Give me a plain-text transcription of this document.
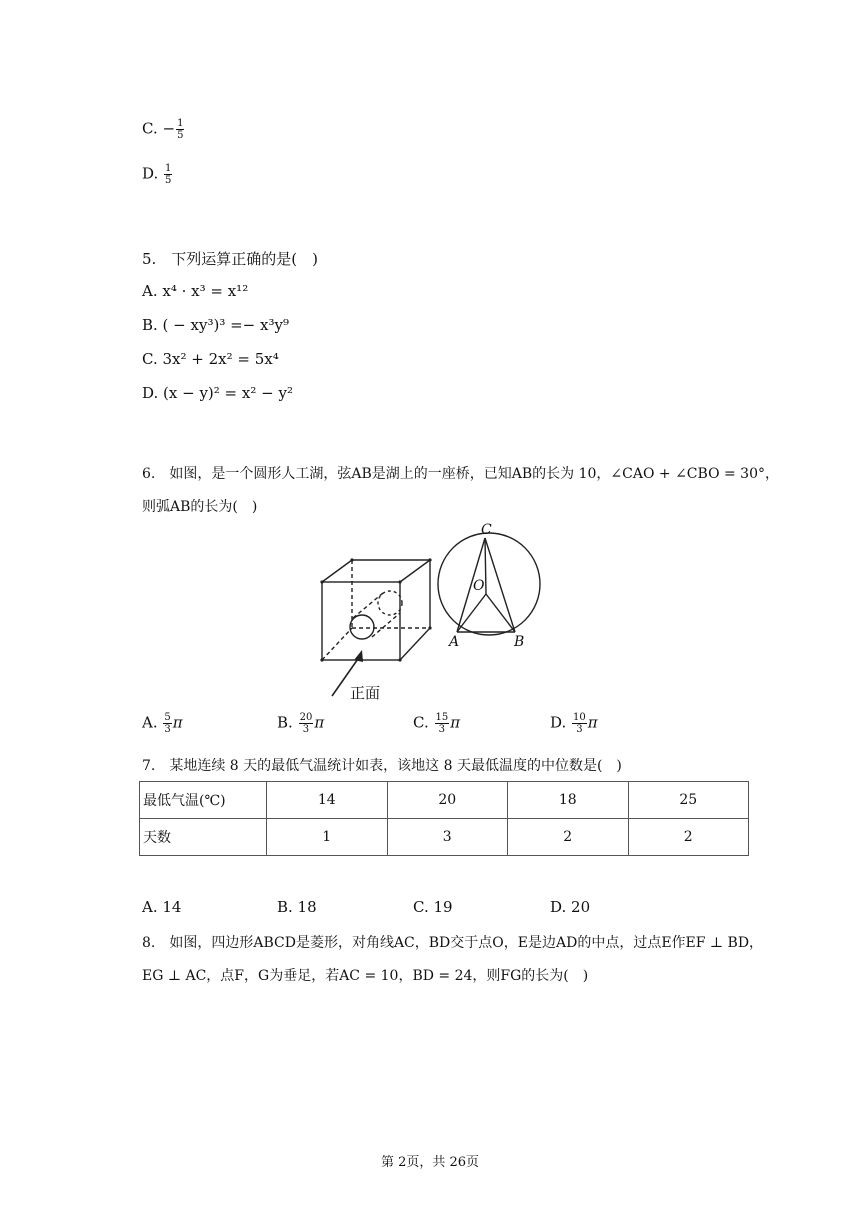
C. − $\frac{1}{5}$
D. $\frac{1}{5}$
5.　下列运算正确的是(　)
A. x⁴ · x³ = x¹²
B. ( − xy³)³ =− x³y⁹
C. 3x² + 2x² = 5x⁴
D. (x − y)² = x² − y²
6.　如图，是一个圆形人工湖，弦AB是湖上的一座桥，已知AB的长为 10，∠CAO + ∠CBO = 30°，
则弧AB的长为(　)
正面
C
O
A	B
A. $\frac{5}{3}$ π	B. $\frac{20}{3}$ π	C. $\frac{15}{3}$ π	D. $\frac{10}{3}$ π
7.　某地连续 8 天的最低气温统计如表，该地这 8 天最低温度的中位数是(　)
最低气温(℃)	14	20	18	25
天数	1	3	2	2
A. 14	B. 18	C. 19	D. 20
8.　如图，四边形ABCD是菱形，对角线AC，BD交于点O，E是边AD的中点，过点E作EF ⊥ BD，
EG ⊥ AC，点F，G为垂足，若AC = 10，BD = 24，则FG的长为(　)
第 2页，共 26页
